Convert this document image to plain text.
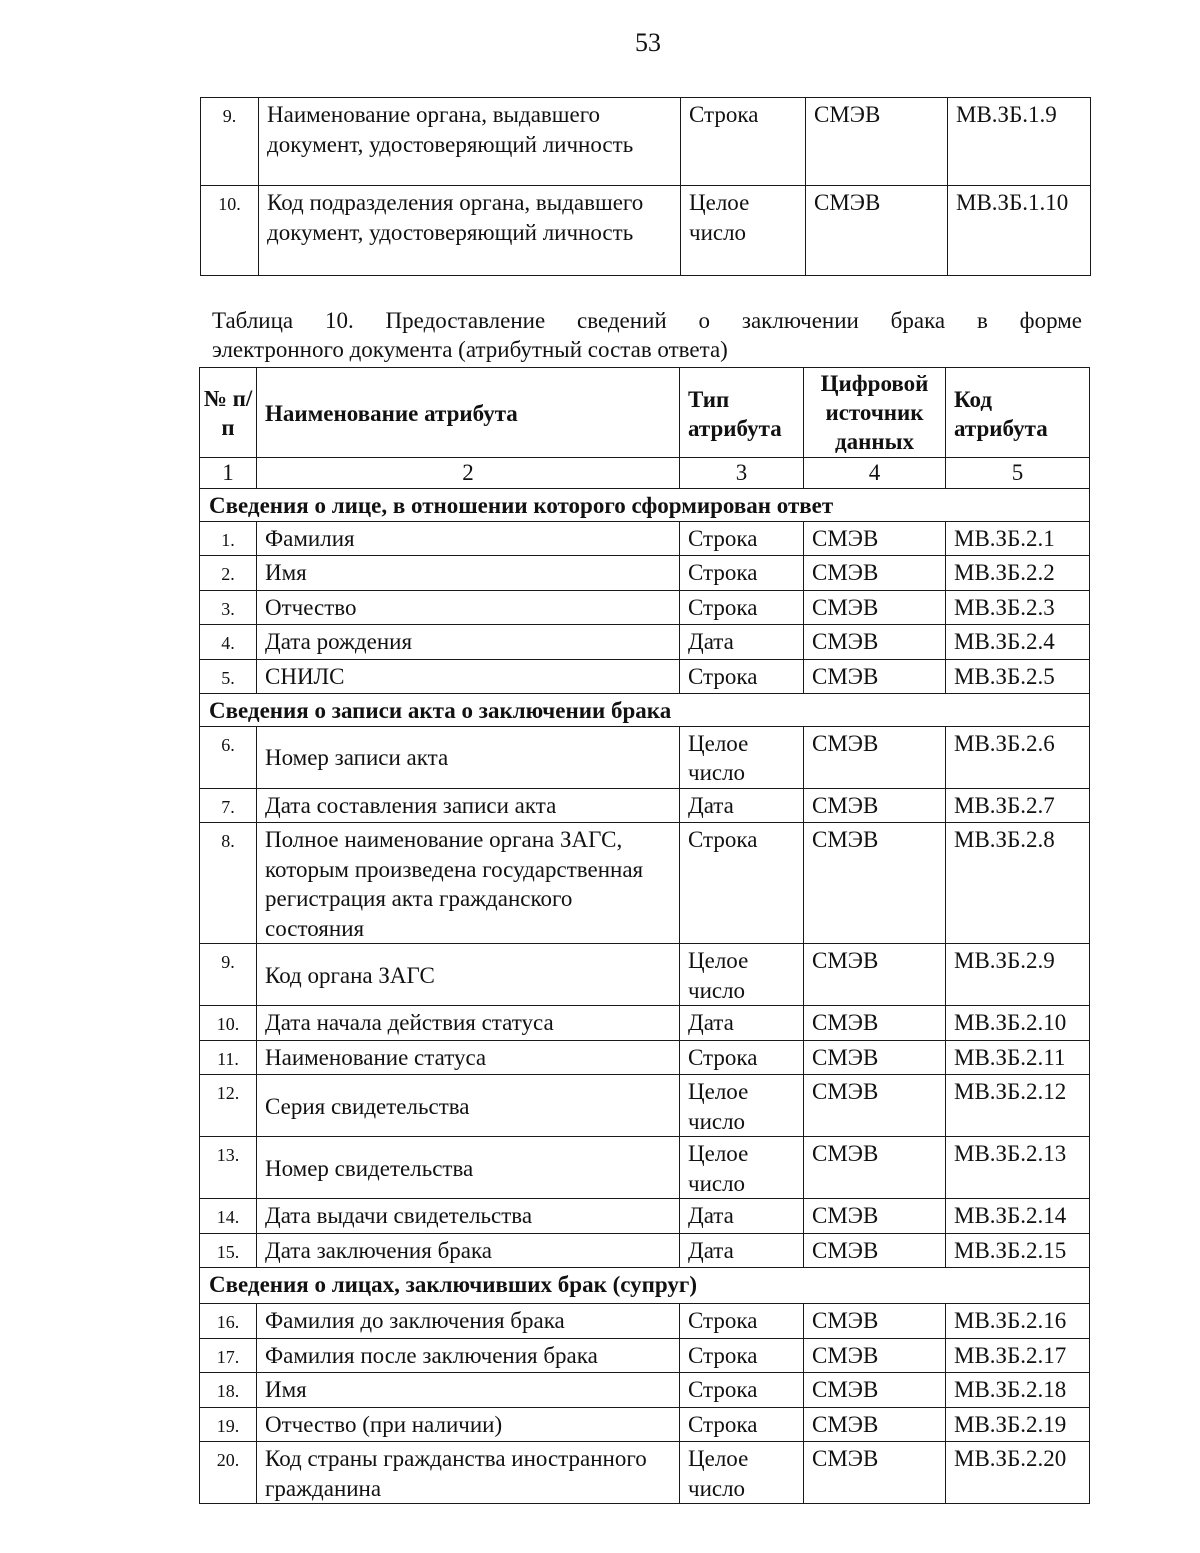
53
9.	Наименование органа, выдавшего документ, удостоверяющий личность	Строка	СМЭВ	МВ.ЗБ.1.9
10.	Код подразделения органа, выдавшего документ, удостоверяющий личность	Целое число	СМЭВ	МВ.ЗБ.1.10
Таблица 10. Предоставление сведений о заключении брака в форме
электронного документа (атрибутный состав ответа)
№ п/п	Наименование атрибута	Тип атрибута	Цифровой источник данных	Код атрибута
1	2	3	4	5
Сведения о лице, в отношении которого сформирован ответ				
1.	Фамилия	Строка	СМЭВ	МВ.ЗБ.2.1
2.	Имя	Строка	СМЭВ	МВ.ЗБ.2.2
3.	Отчество	Строка	СМЭВ	МВ.ЗБ.2.3
4.	Дата рождения	Дата	СМЭВ	МВ.ЗБ.2.4
5.	СНИЛС	Строка	СМЭВ	МВ.ЗБ.2.5
Сведения о записи акта о заключении брака				
6.	Номер записи акта	Целое число	СМЭВ	МВ.ЗБ.2.6
7.	Дата составления записи акта	Дата	СМЭВ	МВ.ЗБ.2.7
8.	Полное наименование органа ЗАГС, которым произведена государственная регистрация акта гражданского состояния	Строка	СМЭВ	МВ.ЗБ.2.8
9.	Код органа ЗАГС	Целое число	СМЭВ	МВ.ЗБ.2.9
10.	Дата начала действия статуса	Дата	СМЭВ	МВ.ЗБ.2.10
11.	Наименование статуса	Строка	СМЭВ	МВ.ЗБ.2.11
12.	Серия свидетельства	Целое число	СМЭВ	МВ.ЗБ.2.12
13.	Номер свидетельства	Целое число	СМЭВ	МВ.ЗБ.2.13
14.	Дата выдачи свидетельства	Дата	СМЭВ	МВ.ЗБ.2.14
15.	Дата заключения брака	Дата	СМЭВ	МВ.ЗБ.2.15
Сведения о лицах, заключивших брак (супруг)				
16.	Фамилия до заключения брака	Строка	СМЭВ	МВ.ЗБ.2.16
17.	Фамилия после заключения брака	Строка	СМЭВ	МВ.ЗБ.2.17
18.	Имя	Строка	СМЭВ	МВ.ЗБ.2.18
19.	Отчество (при наличии)	Строка	СМЭВ	МВ.ЗБ.2.19
20.	Код страны гражданства иностранного гражданина	Целое число	СМЭВ	МВ.ЗБ.2.20
